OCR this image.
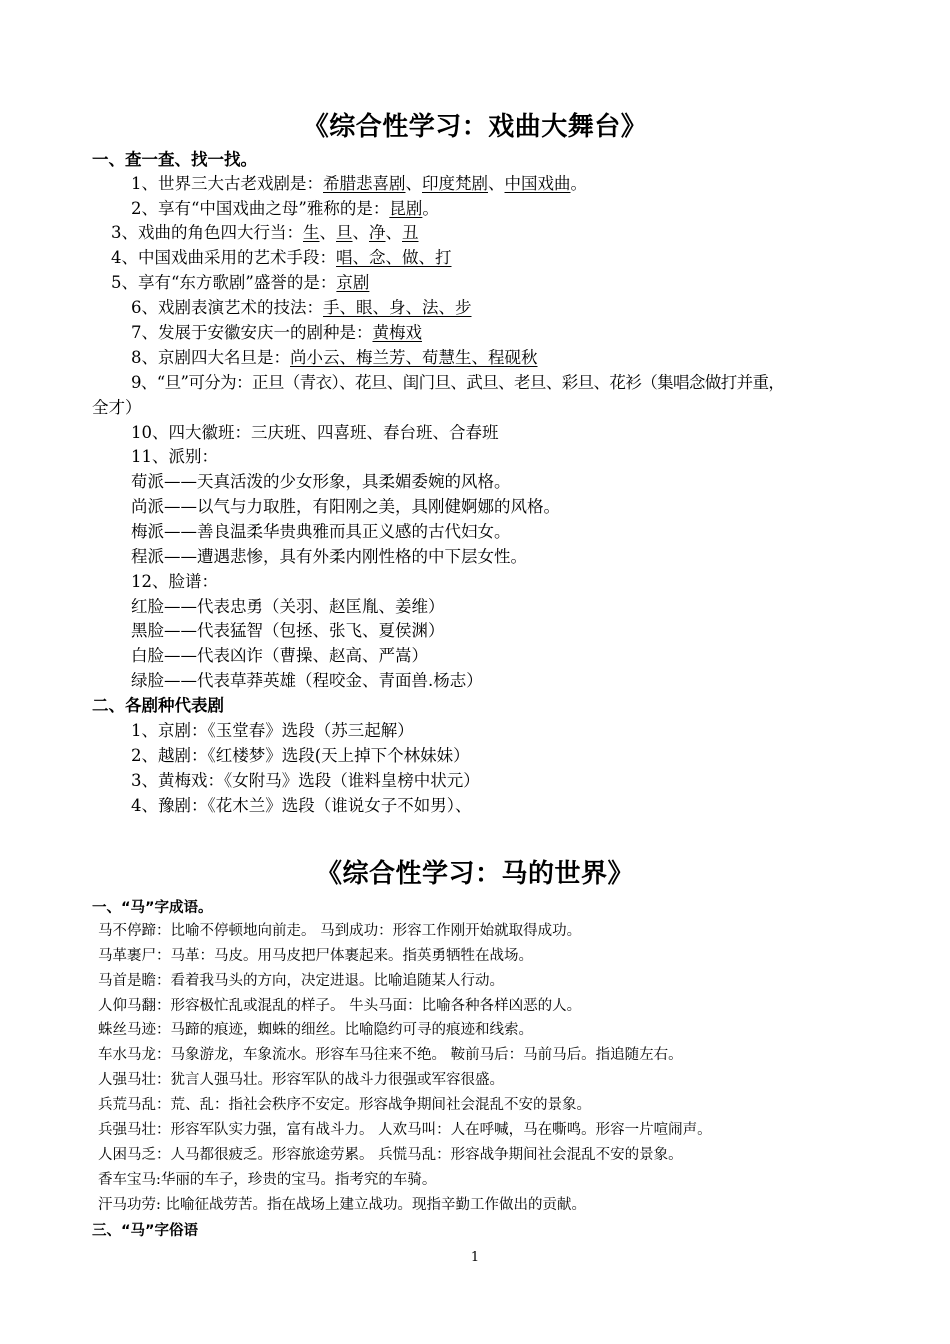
《综合性学习：戏曲大舞台》
一、查一查、找一找。
1、世界三大古老戏剧是：希腊悲喜剧、印度梵剧、中国戏曲。
2、享有“中国戏曲之母”雅称的是：昆剧。
3、戏曲的角色四大行当：生、旦、净、丑
4、中国戏曲采用的艺术手段：唱、念、做、打
5、享有“东方歌剧”盛誉的是：京剧
6、戏剧表演艺术的技法：手、眼、身、法、步
7、发展于安徽安庆一的剧种是：黄梅戏
8、京剧四大名旦是：尚小云、梅兰芳、荀慧生、程砚秋
9、“旦”可分为：正旦（青衣）、花旦、闺门旦、武旦、老旦、彩旦、花衫（集唱念做打并重，
全才）
10、四大徽班：三庆班、四喜班、春台班、合春班
11、派别：
荀派——天真活泼的少女形象，具柔媚委婉的风格。
尚派——以气与力取胜，有阳刚之美，具刚健婀娜的风格。
梅派——善良温柔华贵典雅而具正义感的古代妇女。
程派——遭遇悲惨，具有外柔内刚性格的中下层女性。
12、脸谱：
红脸——代表忠勇（关羽、赵匡胤、姜维）
黑脸——代表猛智（包拯、张飞、夏侯渊）
白脸——代表凶诈（曹操、赵高、严嵩）
绿脸——代表草莽英雄（程咬金、青面兽.杨志）
二、各剧种代表剧
1、京剧：《玉堂春》选段（苏三起解）
2、越剧：《红楼梦》选段(天上掉下个林妹妹）
3、黄梅戏：《女附马》选段（谁料皇榜中状元）
4、豫剧：《花木兰》选段（谁说女子不如男）、
《综合性学习：马的世界》
一、“马”字成语。
马不停蹄：比喻不停顿地向前走。 马到成功：形容工作刚开始就取得成功。
马革裹尸：马革：马皮。用马皮把尸体裹起来。指英勇牺牲在战场。
马首是瞻：看着我马头的方向，决定进退。比喻追随某人行动。
人仰马翻：形容极忙乱或混乱的样子。 牛头马面：比喻各种各样凶恶的人。
蛛丝马迹：马蹄的痕迹，蜘蛛的细丝。比喻隐约可寻的痕迹和线索。
车水马龙：马象游龙，车象流水。形容车马往来不绝。 鞍前马后：马前马后。指追随左右。
人强马壮：犹言人强马壮。形容军队的战斗力很强或军容很盛。
兵荒马乱：荒、乱：指社会秩序不安定。形容战争期间社会混乱不安的景象。
兵强马壮：形容军队实力强，富有战斗力。 人欢马叫：人在呼喊，马在嘶鸣。形容一片喧闹声。
人困马乏：人马都很疲乏。形容旅途劳累。 兵慌马乱：形容战争期间社会混乱不安的景象。
香车宝马:华丽的车子，珍贵的宝马。指考究的车骑。
汗马功劳: 比喻征战劳苦。指在战场上建立战功。现指辛勤工作做出的贡献。
三、“马”字俗语
1
